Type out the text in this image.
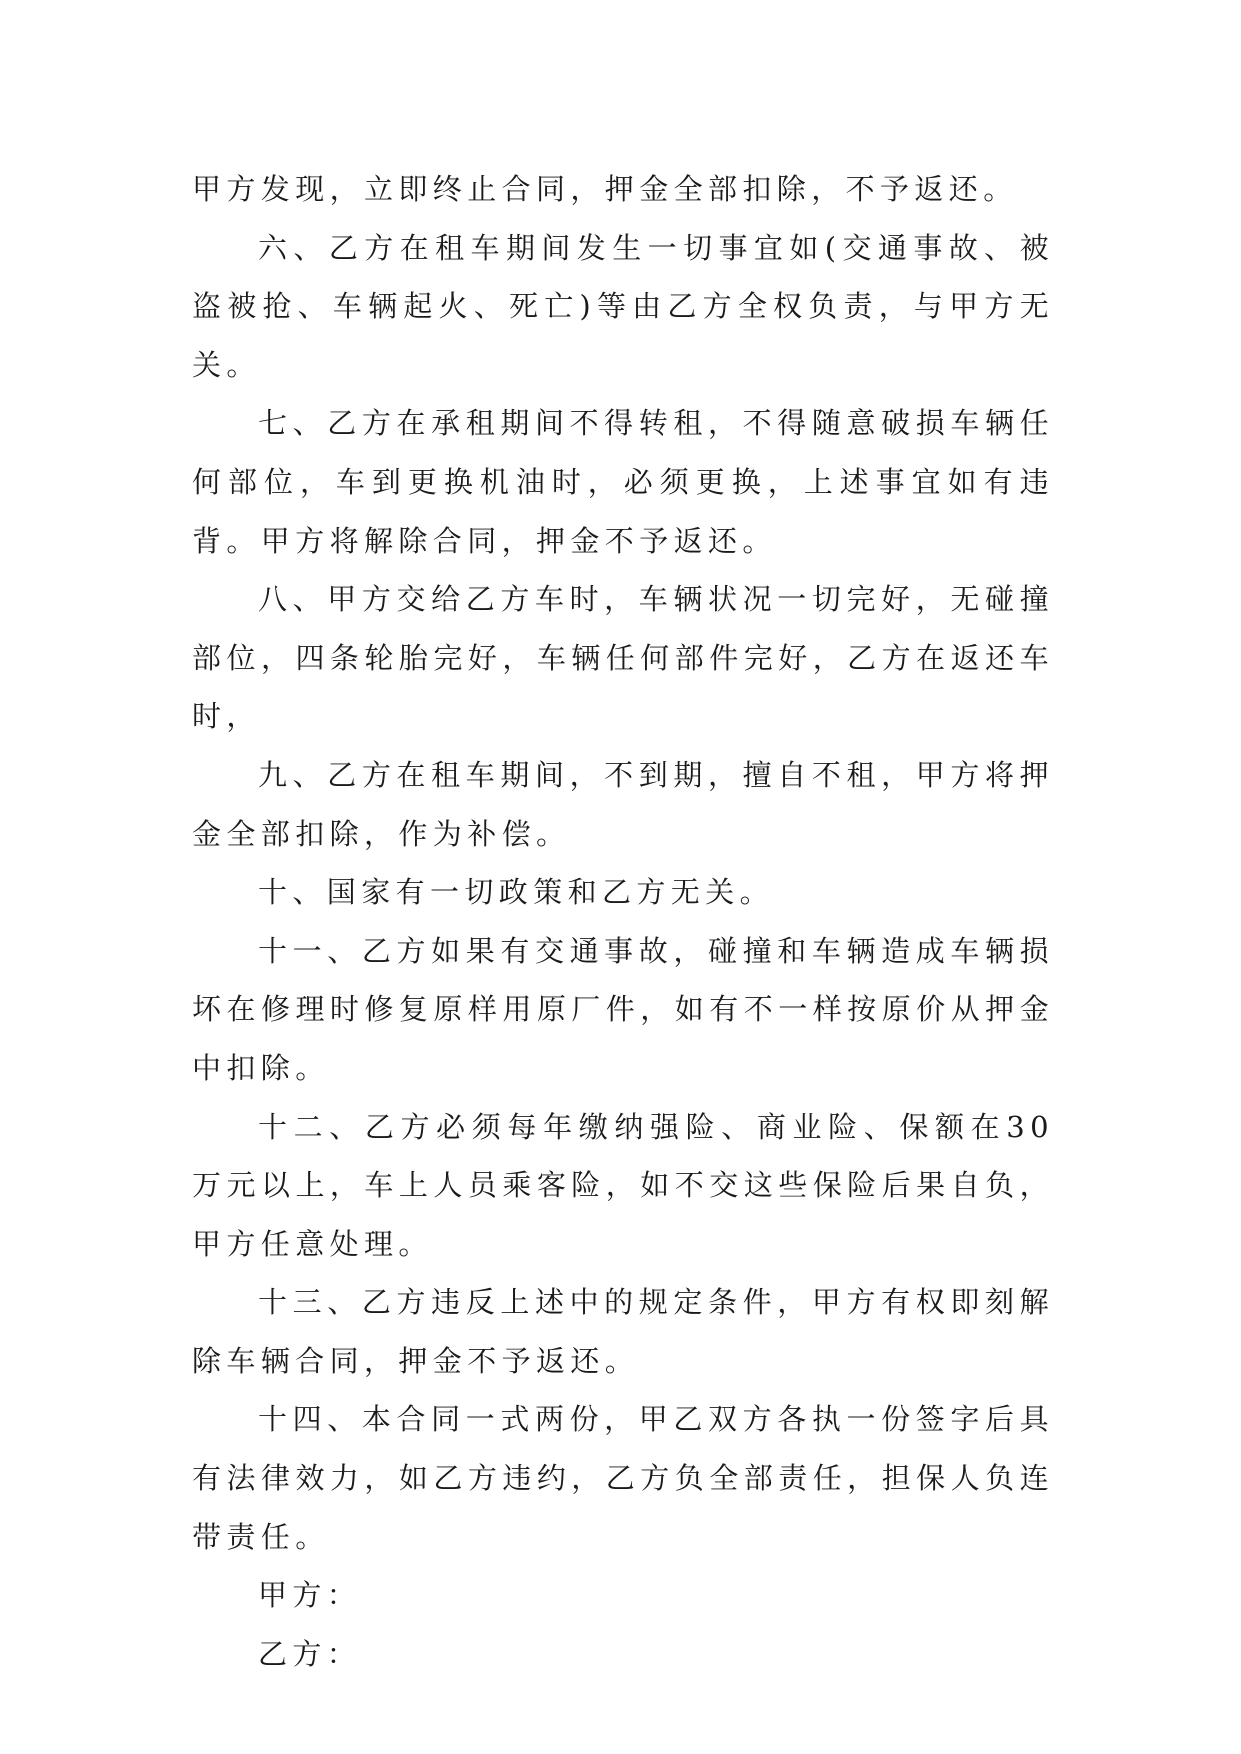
甲方发现，立即终止合同，押金全部扣除，不予返还。

六、乙方在租车期间发生一切事宜如(交通事故、被盗被抢、车辆起火、死亡)等由乙方全权负责，与甲方无关。

七、乙方在承租期间不得转租，不得随意破损车辆任何部位，车到更换机油时，必须更换，上述事宜如有违背。甲方将解除合同，押金不予返还。

八、甲方交给乙方车时，车辆状况一切完好，无碰撞部位，四条轮胎完好，车辆任何部件完好，乙方在返还车时，

九、乙方在租车期间，不到期，擅自不租，甲方将押金全部扣除，作为补偿。

十、国家有一切政策和乙方无关。

十一、乙方如果有交通事故，碰撞和车辆造成车辆损坏在修理时修复原样用原厂件，如有不一样按原价从押金中扣除。

十二、乙方必须每年缴纳强险、商业险、保额在30万元以上，车上人员乘客险，如不交这些保险后果自负，甲方任意处理。

十三、乙方违反上述中的规定条件，甲方有权即刻解除车辆合同，押金不予返还。

十四、本合同一式两份，甲乙双方各执一份签字后具有法律效力，如乙方违约，乙方负全部责任，担保人负连带责任。

甲方：

乙方：
